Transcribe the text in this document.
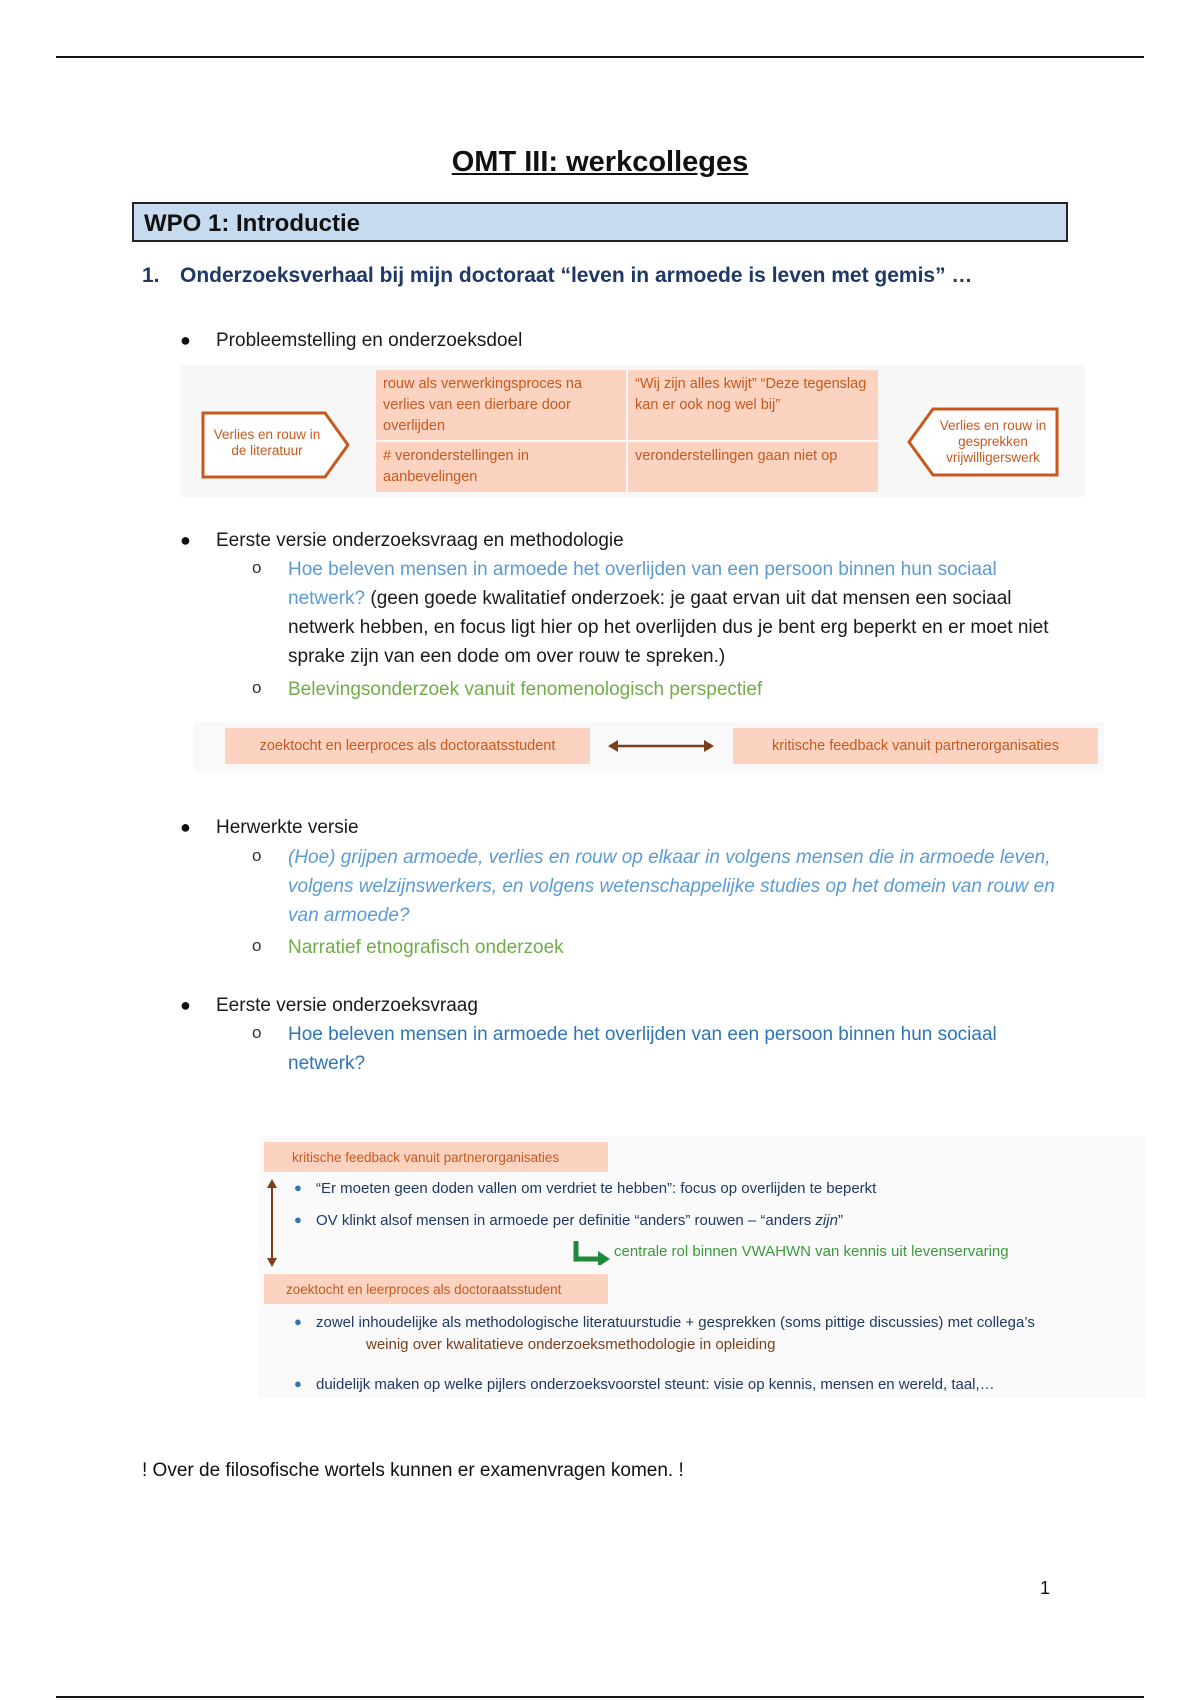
OMT III: werkcolleges
WPO 1: Introductie
1. Onderzoeksverhaal bij mijn doctoraat “leven in armoede is leven met gemis” …
● Probleemstelling en onderzoeksdoel
Verlies en rouw in de literatuur
Verlies en rouw in gesprekken vrijwilligerswerk
rouw als verwerkingsproces na verlies van een dierbare door overlijden
“Wij zijn alles kwijt” “Deze tegenslag kan er ook nog wel bij”
# veronderstellingen in aanbevelingen
veronderstellingen gaan niet op
● Eerste versie onderzoeksvraag en methodologie
o Hoe beleven mensen in armoede het overlijden van een persoon binnen hun sociaal netwerk? (geen goede kwalitatief onderzoek: je gaat ervan uit dat mensen een sociaal netwerk hebben, en focus ligt hier op het overlijden dus je bent erg beperkt en er moet niet sprake zijn van een dode om over rouw te spreken.)
o Belevingsonderzoek vanuit fenomenologisch perspectief
zoektocht en leerproces als doctoraatsstudent	kritische feedback vanuit partnerorganisaties
● Herwerkte versie
o (Hoe) grijpen armoede, verlies en rouw op elkaar in volgens mensen die in armoede leven, volgens welzijnswerkers, en volgens wetenschappelijke studies op het domein van rouw en van armoede?
o Narratief etnografisch onderzoek
● Eerste versie onderzoeksvraag
o Hoe beleven mensen in armoede het overlijden van een persoon binnen hun sociaal netwerk?
kritische feedback vanuit partnerorganisaties
● “Er moeten geen doden vallen om verdriet te hebben”: focus op overlijden te beperkt
● OV klinkt alsof mensen in armoede per definitie “anders” rouwen – “anders zijn”
centrale rol binnen VWAHWN van kennis uit levenservaring
zoektocht en leerproces als doctoraatsstudent
● zowel inhoudelijke als methodologische literatuurstudie + gesprekken (soms pittige discussies) met collega’s
weinig over kwalitatieve onderzoeksmethodologie in opleiding
● duidelijk maken op welke pijlers onderzoeksvoorstel steunt: visie op kennis, mensen en wereld, taal,…
! Over de filosofische wortels kunnen er examenvragen komen. !
1
